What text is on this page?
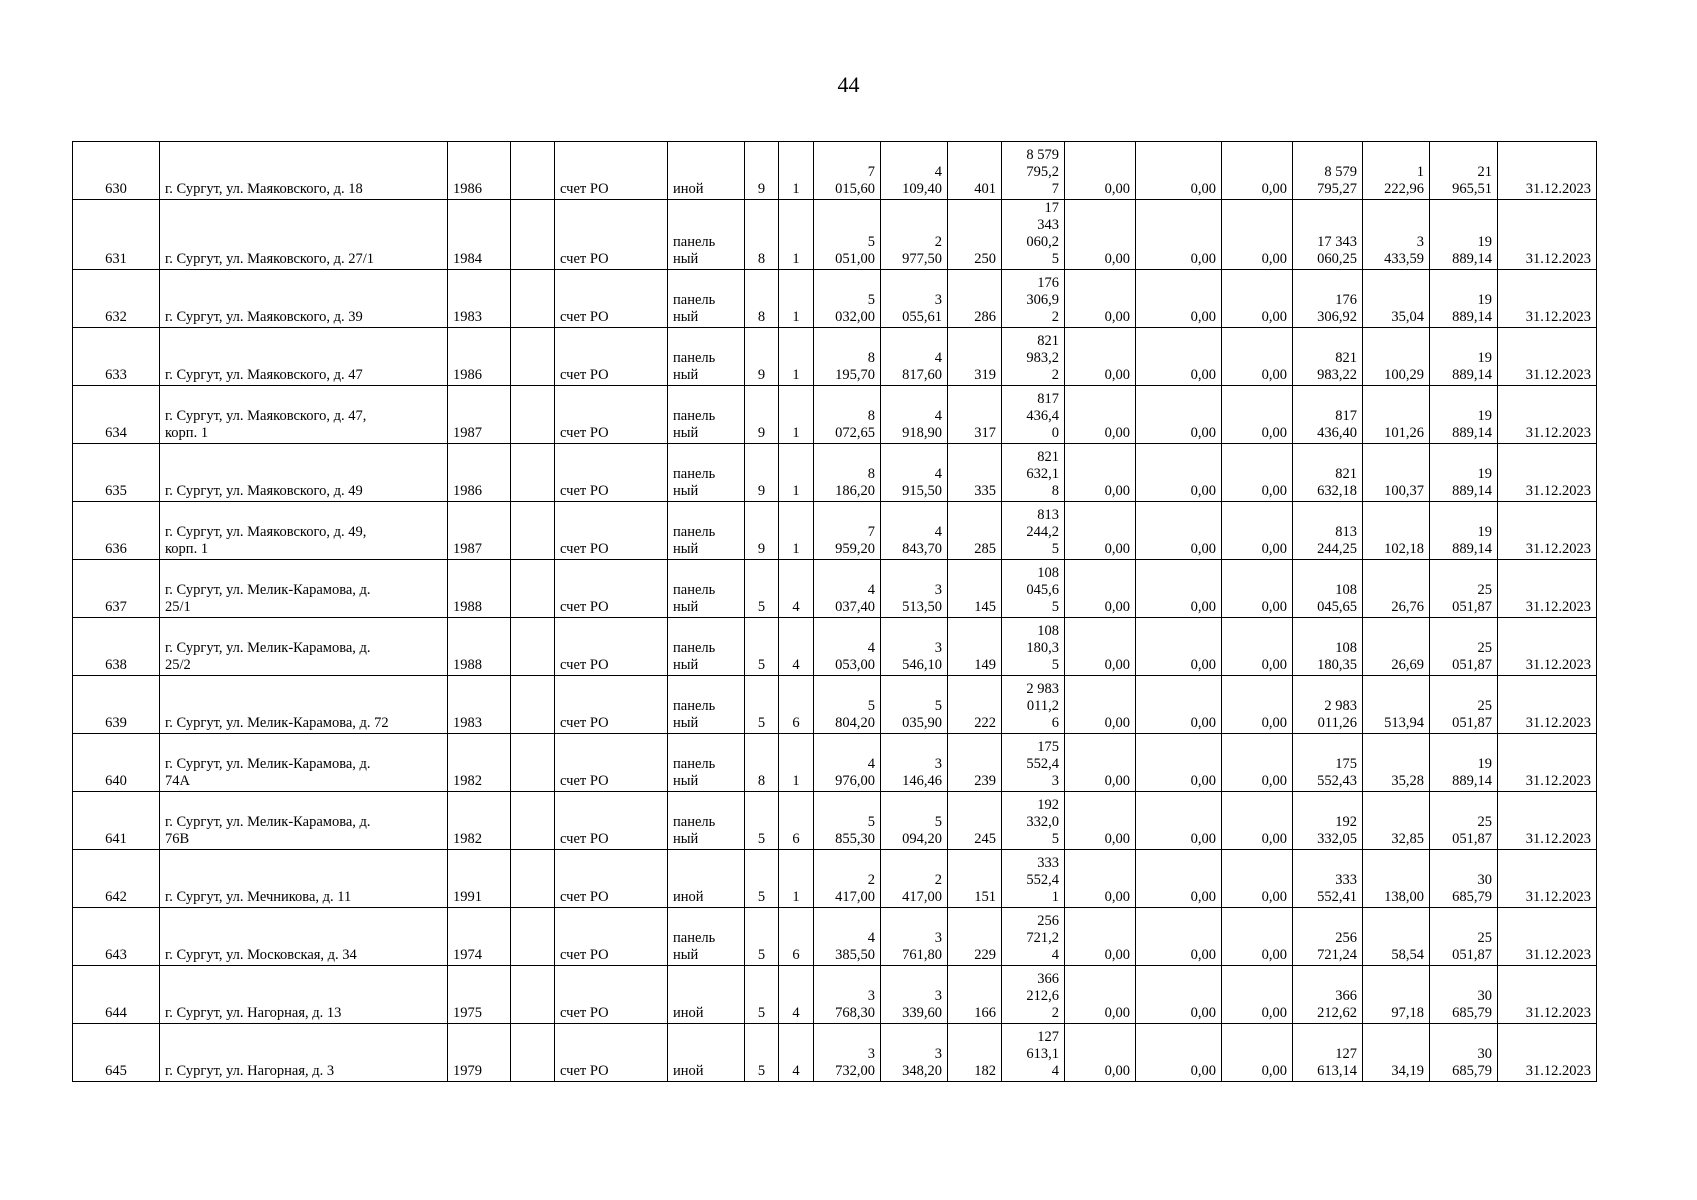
44
630	г. Сургут, ул. Маяковского, д. 18	1986		счет РО	иной	9	1	7
015,60	4
109,40	401	8 579
795,2
7	0,00	0,00	0,00	8 579
795,27	1
222,96	21
965,51	31.12.2023
631	г. Сургут, ул. Маяковского, д. 27/1	1984		счет РО	панель
ный	8	1	5
051,00	2
977,50	250	17
343
060,2
5	0,00	0,00	0,00	17 343
060,25	3
433,59	19
889,14	31.12.2023
632	г. Сургут, ул. Маяковского, д. 39	1983		счет РО	панель
ный	8	1	5
032,00	3
055,61	286	176
306,9
2	0,00	0,00	0,00	176
306,92	35,04	19
889,14	31.12.2023
633	г. Сургут, ул. Маяковского, д. 47	1986		счет РО	панель
ный	9	1	8
195,70	4
817,60	319	821
983,2
2	0,00	0,00	0,00	821
983,22	100,29	19
889,14	31.12.2023
634	г. Сургут, ул. Маяковского, д. 47,
корп. 1	1987		счет РО	панель
ный	9	1	8
072,65	4
918,90	317	817
436,4
0	0,00	0,00	0,00	817
436,40	101,26	19
889,14	31.12.2023
635	г. Сургут, ул. Маяковского, д. 49	1986		счет РО	панель
ный	9	1	8
186,20	4
915,50	335	821
632,1
8	0,00	0,00	0,00	821
632,18	100,37	19
889,14	31.12.2023
636	г. Сургут, ул. Маяковского, д. 49,
корп. 1	1987		счет РО	панель
ный	9	1	7
959,20	4
843,70	285	813
244,2
5	0,00	0,00	0,00	813
244,25	102,18	19
889,14	31.12.2023
637	г. Сургут, ул. Мелик-Карамова, д.
25/1	1988		счет РО	панель
ный	5	4	4
037,40	3
513,50	145	108
045,6
5	0,00	0,00	0,00	108
045,65	26,76	25
051,87	31.12.2023
638	г. Сургут, ул. Мелик-Карамова, д.
25/2	1988		счет РО	панель
ный	5	4	4
053,00	3
546,10	149	108
180,3
5	0,00	0,00	0,00	108
180,35	26,69	25
051,87	31.12.2023
639	г. Сургут, ул. Мелик-Карамова, д. 72	1983		счет РО	панель
ный	5	6	5
804,20	5
035,90	222	2 983
011,2
6	0,00	0,00	0,00	2 983
011,26	513,94	25
051,87	31.12.2023
640	г. Сургут, ул. Мелик-Карамова, д.
74А	1982		счет РО	панель
ный	8	1	4
976,00	3
146,46	239	175
552,4
3	0,00	0,00	0,00	175
552,43	35,28	19
889,14	31.12.2023
641	г. Сургут, ул. Мелик-Карамова, д.
76В	1982		счет РО	панель
ный	5	6	5
855,30	5
094,20	245	192
332,0
5	0,00	0,00	0,00	192
332,05	32,85	25
051,87	31.12.2023
642	г. Сургут, ул. Мечникова, д. 11	1991		счет РО	иной	5	1	2
417,00	2
417,00	151	333
552,4
1	0,00	0,00	0,00	333
552,41	138,00	30
685,79	31.12.2023
643	г. Сургут, ул. Московская, д. 34	1974		счет РО	панель
ный	5	6	4
385,50	3
761,80	229	256
721,2
4	0,00	0,00	0,00	256
721,24	58,54	25
051,87	31.12.2023
644	г. Сургут, ул. Нагорная, д. 13	1975		счет РО	иной	5	4	3
768,30	3
339,60	166	366
212,6
2	0,00	0,00	0,00	366
212,62	97,18	30
685,79	31.12.2023
645	г. Сургут, ул. Нагорная, д. 3	1979		счет РО	иной	5	4	3
732,00	3
348,20	182	127
613,1
4	0,00	0,00	0,00	127
613,14	34,19	30
685,79	31.12.2023
